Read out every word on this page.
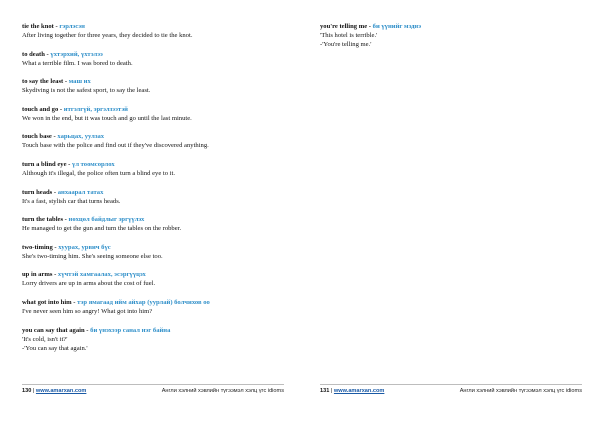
tie the knot - гэрлэсэн
After living together for three years, they decided to tie the knot.
to death - үхтэрхий, үхтэлээ
What a terrible film. I was bored to death.
to say the least - маш их
Skydiving is not the safest sport, to say the least.
touch and go - итгэлгүй, эргэлзээтэй
We won in the end, but it was touch and go until the last minute.
touch base - харьцах, уулзах
Touch base with the police and find out if they've discovered anything.
turn a blind eye - үл тоомсорлох
Although it's illegal, the police often turn a blind eye to it.
turn heads - анхаарал татах
It's a fast, stylish car that turns heads.
turn the tables - нөхцөл байдлыг эргүүлэх
He managed to get the gun and turn the tables on the robber.
two-timing - хуурах, урвич бүс
She's two-timing him. She's seeing someone else too.
up in arms - хүчтэй хамгаалах, эсэргүүцэх
Lorry drivers are up in arms about the cost of fuel.
what got into him - тэр ямагаад ийм айхар (уурлай) болчихов оо
I've never seen him so angry! What got into him?
you can say that again - би үнэхээр санал нэг байна
'It's cold, isn't it?'
-'You can say that again.'
130 | www.amarxan.com	Англи хэлний хэвлийн түгээмэл хэлц үгс idioms
you're telling me - би үүнийг мэднэ
'This hotel is terrible.'
-'You're telling me.'
131 | www.amarxan.com	Англи хэлний хэвлийн түгээмэл хэлц үгс idioms
